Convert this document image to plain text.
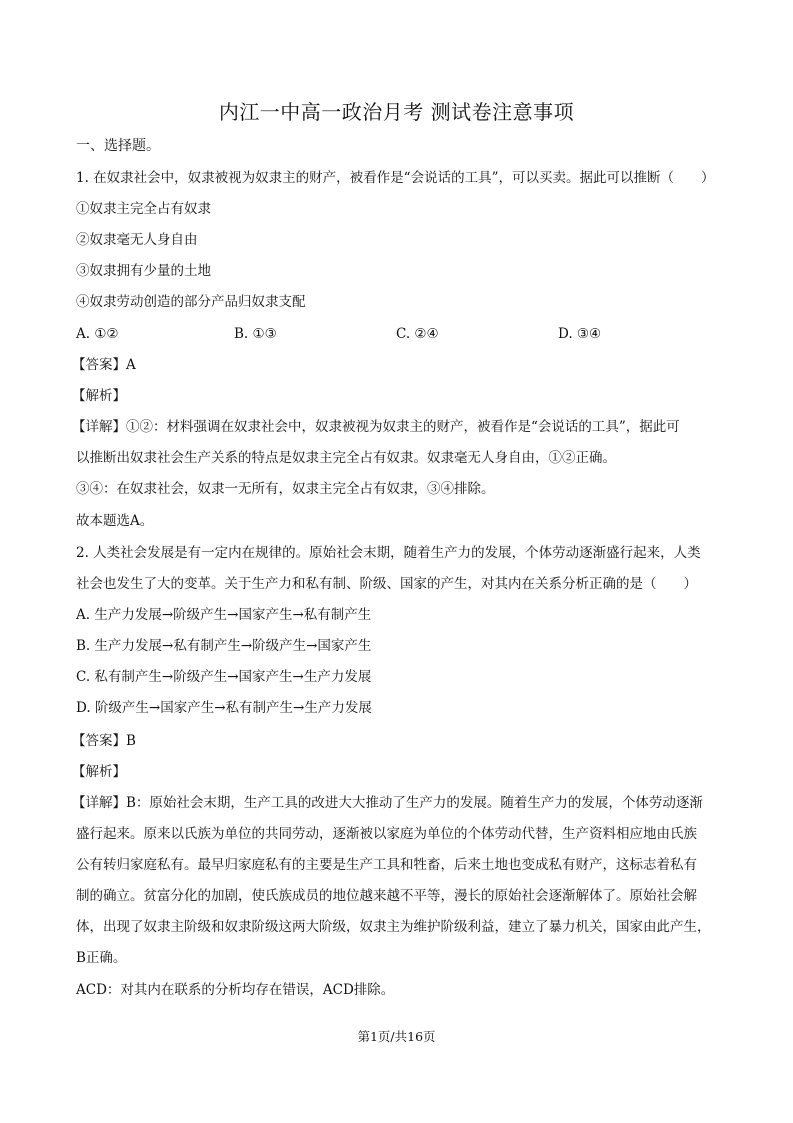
内江一中高一政治月考 测试卷注意事项
一、选择题。
1. 在奴隶社会中，奴隶被视为奴隶主的财产，被看作是“会说话的工具”，可以买卖。据此可以推断（　　）
①奴隶主完全占有奴隶
②奴隶毫无人身自由
③奴隶拥有少量的土地
④奴隶劳动创造的部分产品归奴隶支配
A. ①②	B. ①③	C. ②④	D. ③④
【答案】A
【解析】
【详解】①②：材料强调在奴隶社会中，奴隶被视为奴隶主的财产，被看作是“会说话的工具”，据此可
以推断出奴隶社会生产关系的特点是奴隶主完全占有奴隶。奴隶毫无人身自由，①②正确。
③④：在奴隶社会，奴隶一无所有，奴隶主完全占有奴隶，③④排除。
故本题选A。
2. 人类社会发展是有一定内在规律的。原始社会末期，随着生产力的发展，个体劳动逐渐盛行起来，人类
社会也发生了大的变革。关于生产力和私有制、阶级、国家的产生，对其内在关系分析正确的是（　　）
A. 生产力发展→阶级产生→国家产生→私有制产生
B. 生产力发展→私有制产生→阶级产生→国家产生
C. 私有制产生→阶级产生→国家产生→生产力发展
D. 阶级产生→国家产生→私有制产生→生产力发展
【答案】B
【解析】
【详解】B：原始社会末期，生产工具的改进大大推动了生产力的发展。随着生产力的发展，个体劳动逐渐
盛行起来。原来以氏族为单位的共同劳动，逐渐被以家庭为单位的个体劳动代替，生产资料相应地由氏族
公有转归家庭私有。最早归家庭私有的主要是生产工具和牲畜，后来土地也变成私有财产，这标志着私有
制的确立。贫富分化的加剧，使氏族成员的地位越来越不平等，漫长的原始社会逐渐解体了。原始社会解
体，出现了奴隶主阶级和奴隶阶级这两大阶级，奴隶主为维护阶级利益，建立了暴力机关，国家由此产生，
B正确。
ACD：对其内在联系的分析均存在错误，ACD排除。
第1页/共16页
